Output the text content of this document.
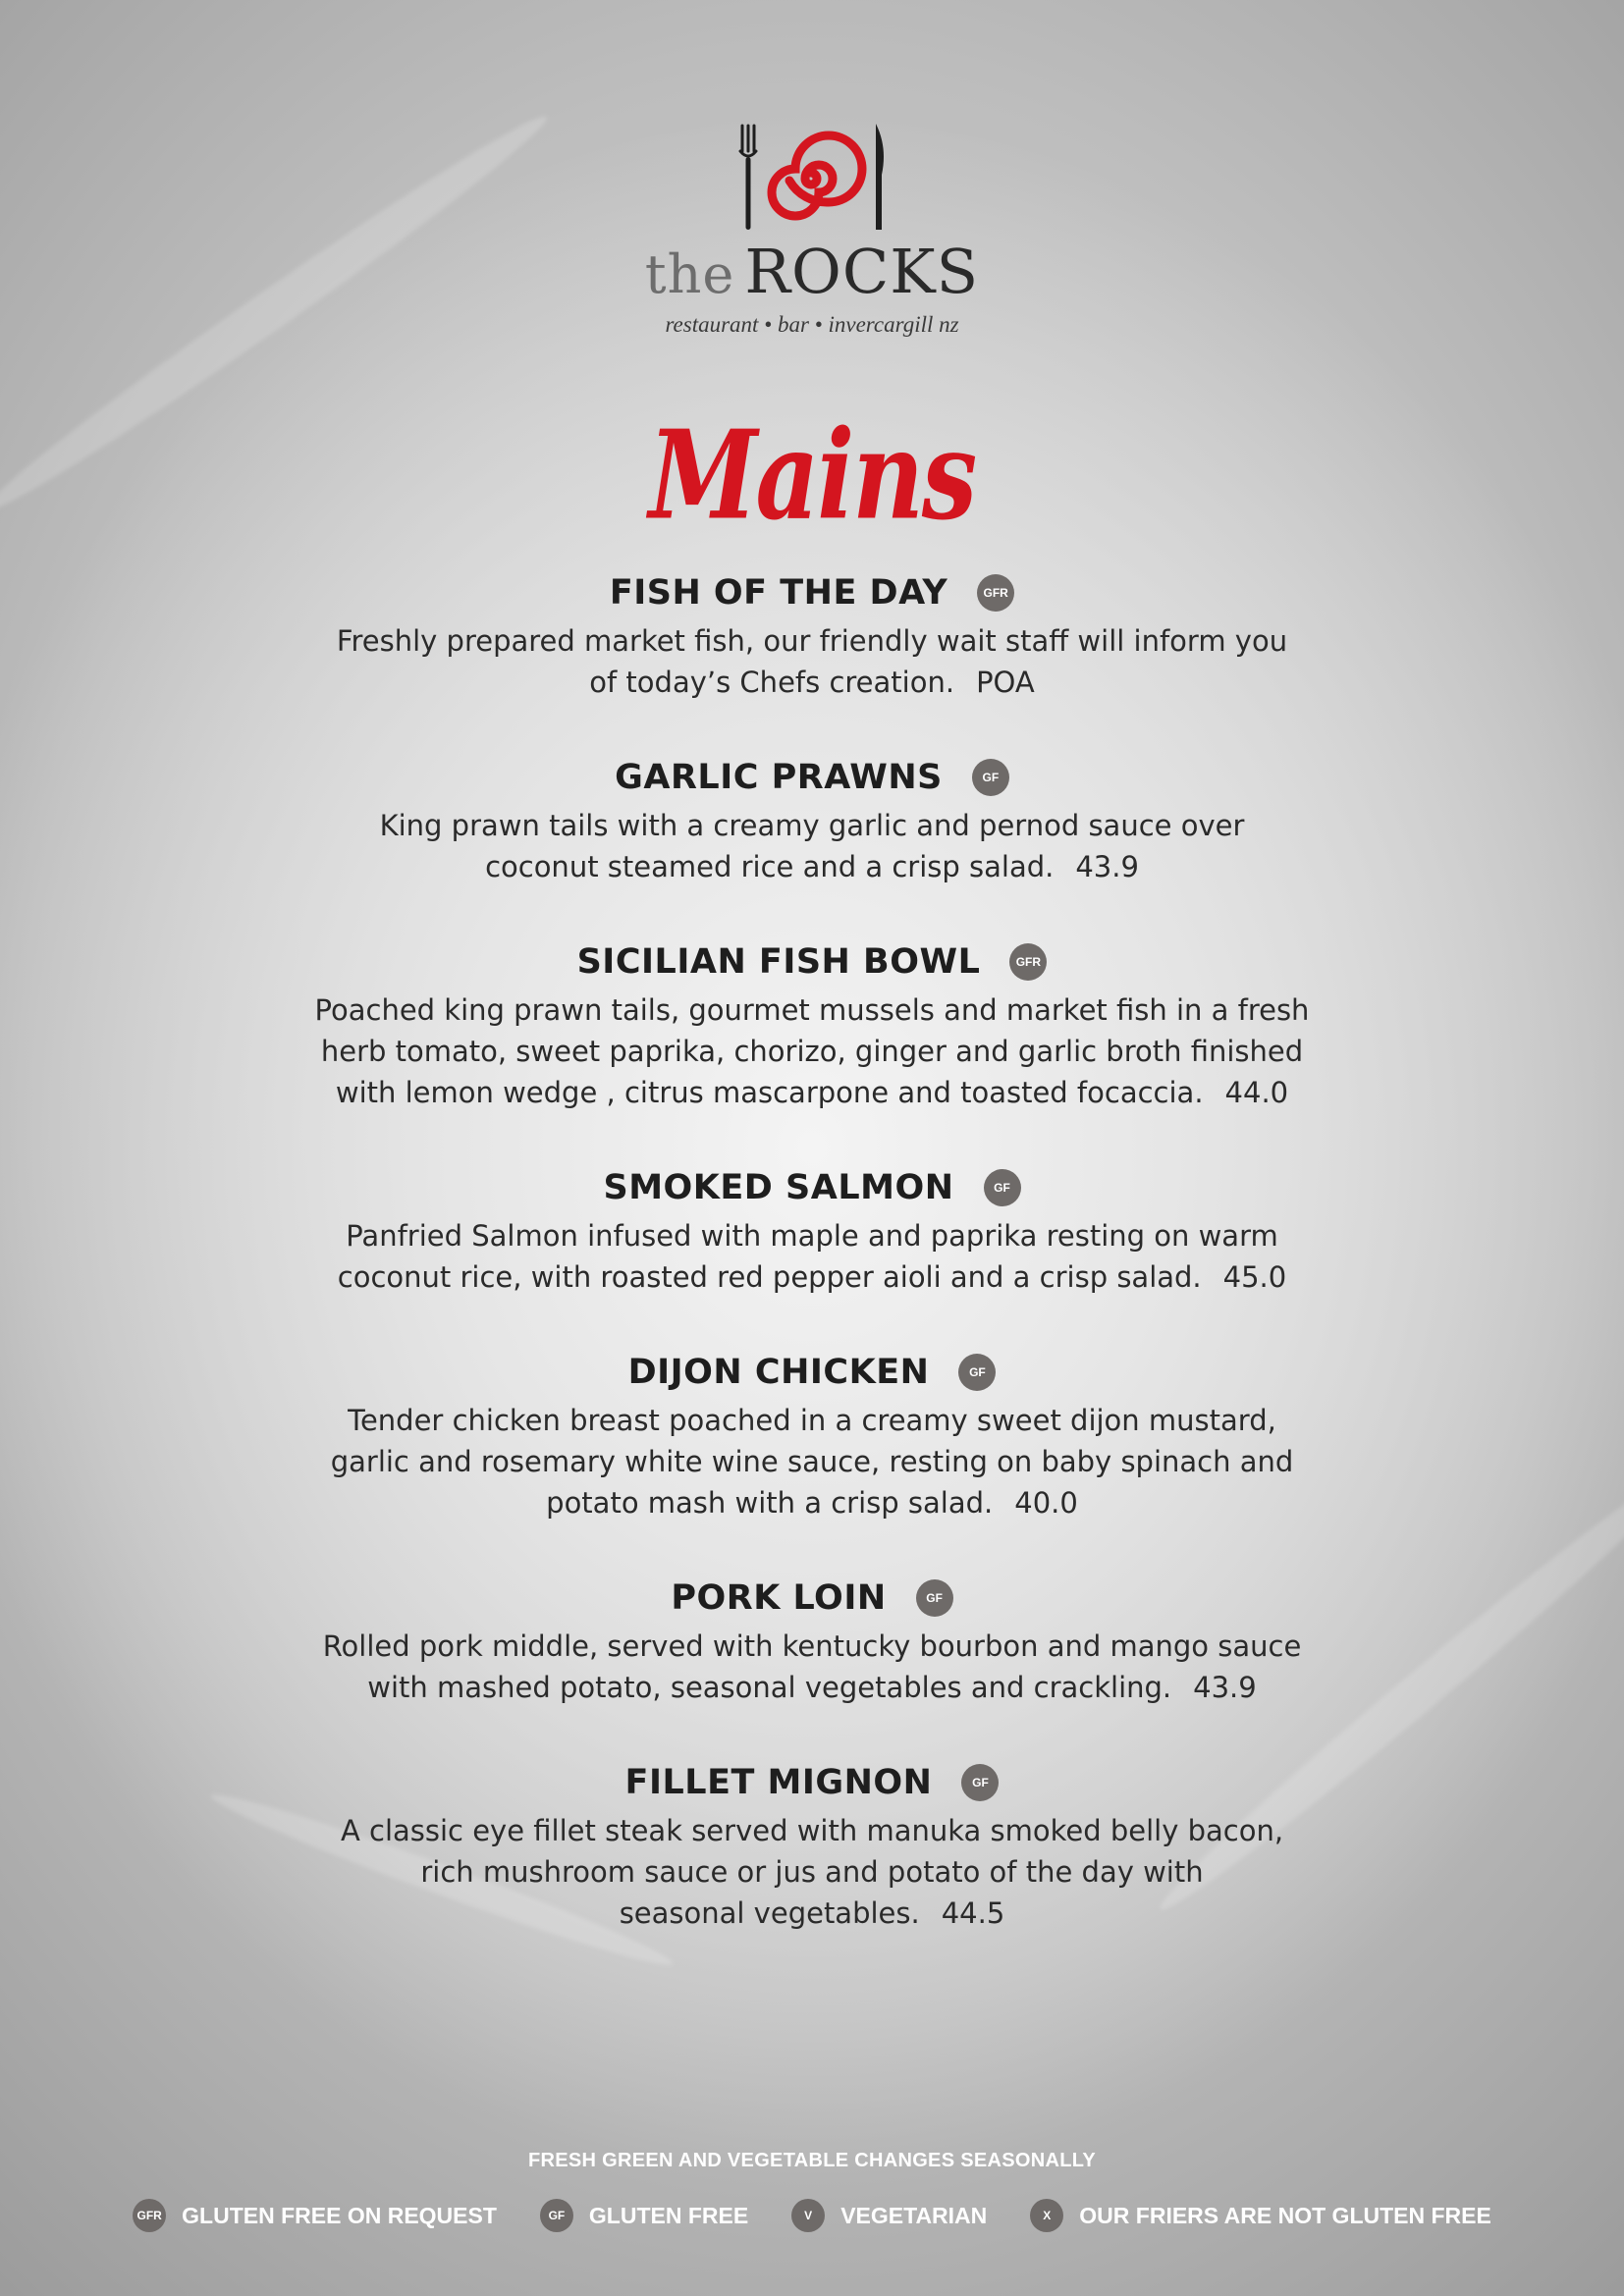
the ROCKS
restaurant • bar • invercargill nz
Mains
FISH OF THE DAY	GFR
Freshly prepared market fish, our friendly wait staff will inform you
of today’s Chefs creation. POA
GARLIC PRAWNS	GF
King prawn tails with a creamy garlic and pernod sauce over
coconut steamed rice and a crisp salad. 43.9
SICILIAN FISH BOWL	GFR
Poached king prawn tails, gourmet mussels and market fish in a fresh
herb tomato, sweet paprika, chorizo, ginger and garlic broth finished
with lemon wedge , citrus mascarpone and toasted focaccia. 44.0
SMOKED SALMON	GF
Panfried Salmon infused with maple and paprika resting on warm
coconut rice, with roasted red pepper aioli and a crisp salad. 45.0
DIJON CHICKEN	GF
Tender chicken breast poached in a creamy sweet dijon mustard,
garlic and rosemary white wine sauce, resting on baby spinach and
potato mash with a crisp salad. 40.0
PORK LOIN	GF
Rolled pork middle, served with kentucky bourbon and mango sauce
with mashed potato, seasonal vegetables and crackling. 43.9
FILLET MIGNON	GF
A classic eye fillet steak served with manuka smoked belly bacon,
rich mushroom sauce or jus and potato of the day with
seasonal vegetables. 44.5
FRESH GREEN AND VEGETABLE CHANGES SEASONALLY
GFR GLUTEN FREE ON REQUEST	GF	GLUTEN FREE	V	VEGETARIAN	X	OUR FRIERS ARE NOT GLUTEN FREE
